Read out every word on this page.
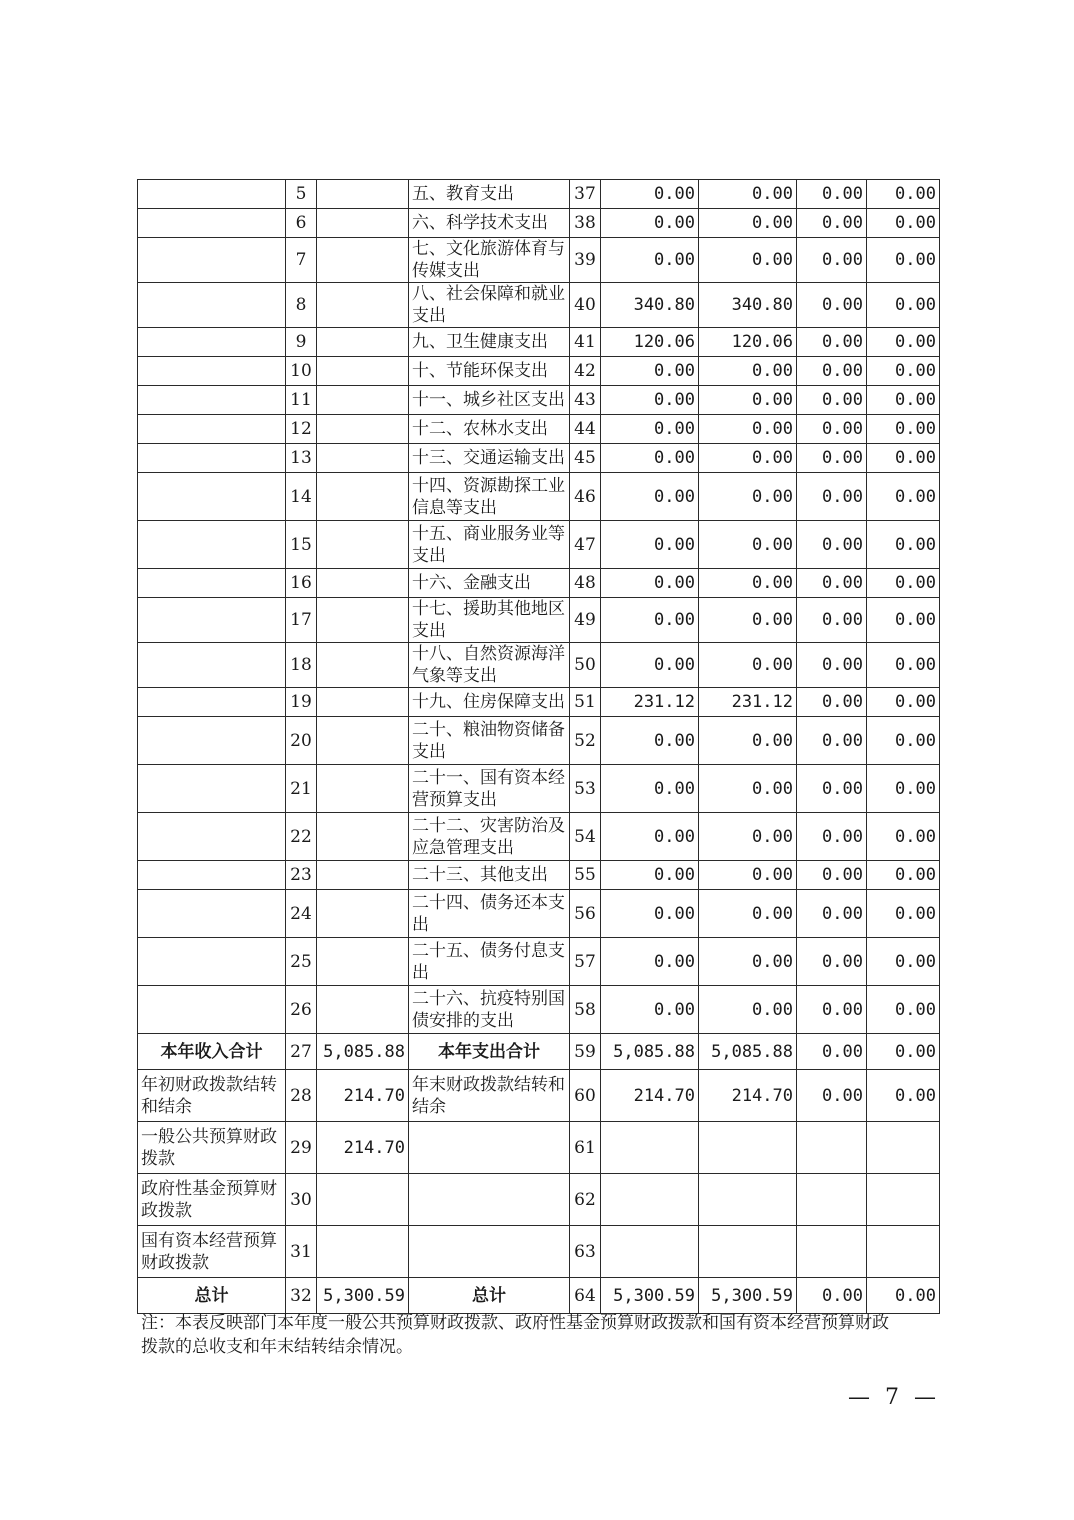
	5		五、教育支出	37	0.00	0.00	0.00	0.00
	6		六、科学技术支出	38	0.00	0.00	0.00	0.00
	7		七、文化旅游体育与传媒支出	39	0.00	0.00	0.00	0.00
	8		八、社会保障和就业支出	40	340.80	340.80	0.00	0.00
	9		九、卫生健康支出	41	120.06	120.06	0.00	0.00
	10		十、节能环保支出	42	0.00	0.00	0.00	0.00
	11		十一、城乡社区支出	43	0.00	0.00	0.00	0.00
	12		十二、农林水支出	44	0.00	0.00	0.00	0.00
	13		十三、交通运输支出	45	0.00	0.00	0.00	0.00
	14		十四、资源勘探工业信息等支出	46	0.00	0.00	0.00	0.00
	15		十五、商业服务业等支出	47	0.00	0.00	0.00	0.00
	16		十六、金融支出	48	0.00	0.00	0.00	0.00
	17		十七、援助其他地区支出	49	0.00	0.00	0.00	0.00
	18		十八、自然资源海洋气象等支出	50	0.00	0.00	0.00	0.00
	19		十九、住房保障支出	51	231.12	231.12	0.00	0.00
	20		二十、粮油物资储备支出	52	0.00	0.00	0.00	0.00
	21		二十一、国有资本经营预算支出	53	0.00	0.00	0.00	0.00
	22		二十二、灾害防治及应急管理支出	54	0.00	0.00	0.00	0.00
	23		二十三、其他支出	55	0.00	0.00	0.00	0.00
	24		二十四、债务还本支出	56	0.00	0.00	0.00	0.00
	25		二十五、债务付息支出	57	0.00	0.00	0.00	0.00
	26		二十六、抗疫特别国债安排的支出	58	0.00	0.00	0.00	0.00
本年收入合计	27	5,085.88	本年支出合计	59	5,085.88	5,085.88	0.00	0.00
年初财政拨款结转和结余	28	214.70	年末财政拨款结转和结余	60	214.70	214.70	0.00	0.00
一般公共预算财政拨款	29	214.70		61				
政府性基金预算财政拨款	30			62				
国有资本经营预算财政拨款	31			63				
总计	32	5,300.59	总计	64	5,300.59	5,300.59	0.00	0.00
注：本表反映部门本年度一般公共预算财政拨款、政府性基金预算财政拨款和国有资本经营预算财政拨款的总收支和年末结转结余情况。
— 7 —
